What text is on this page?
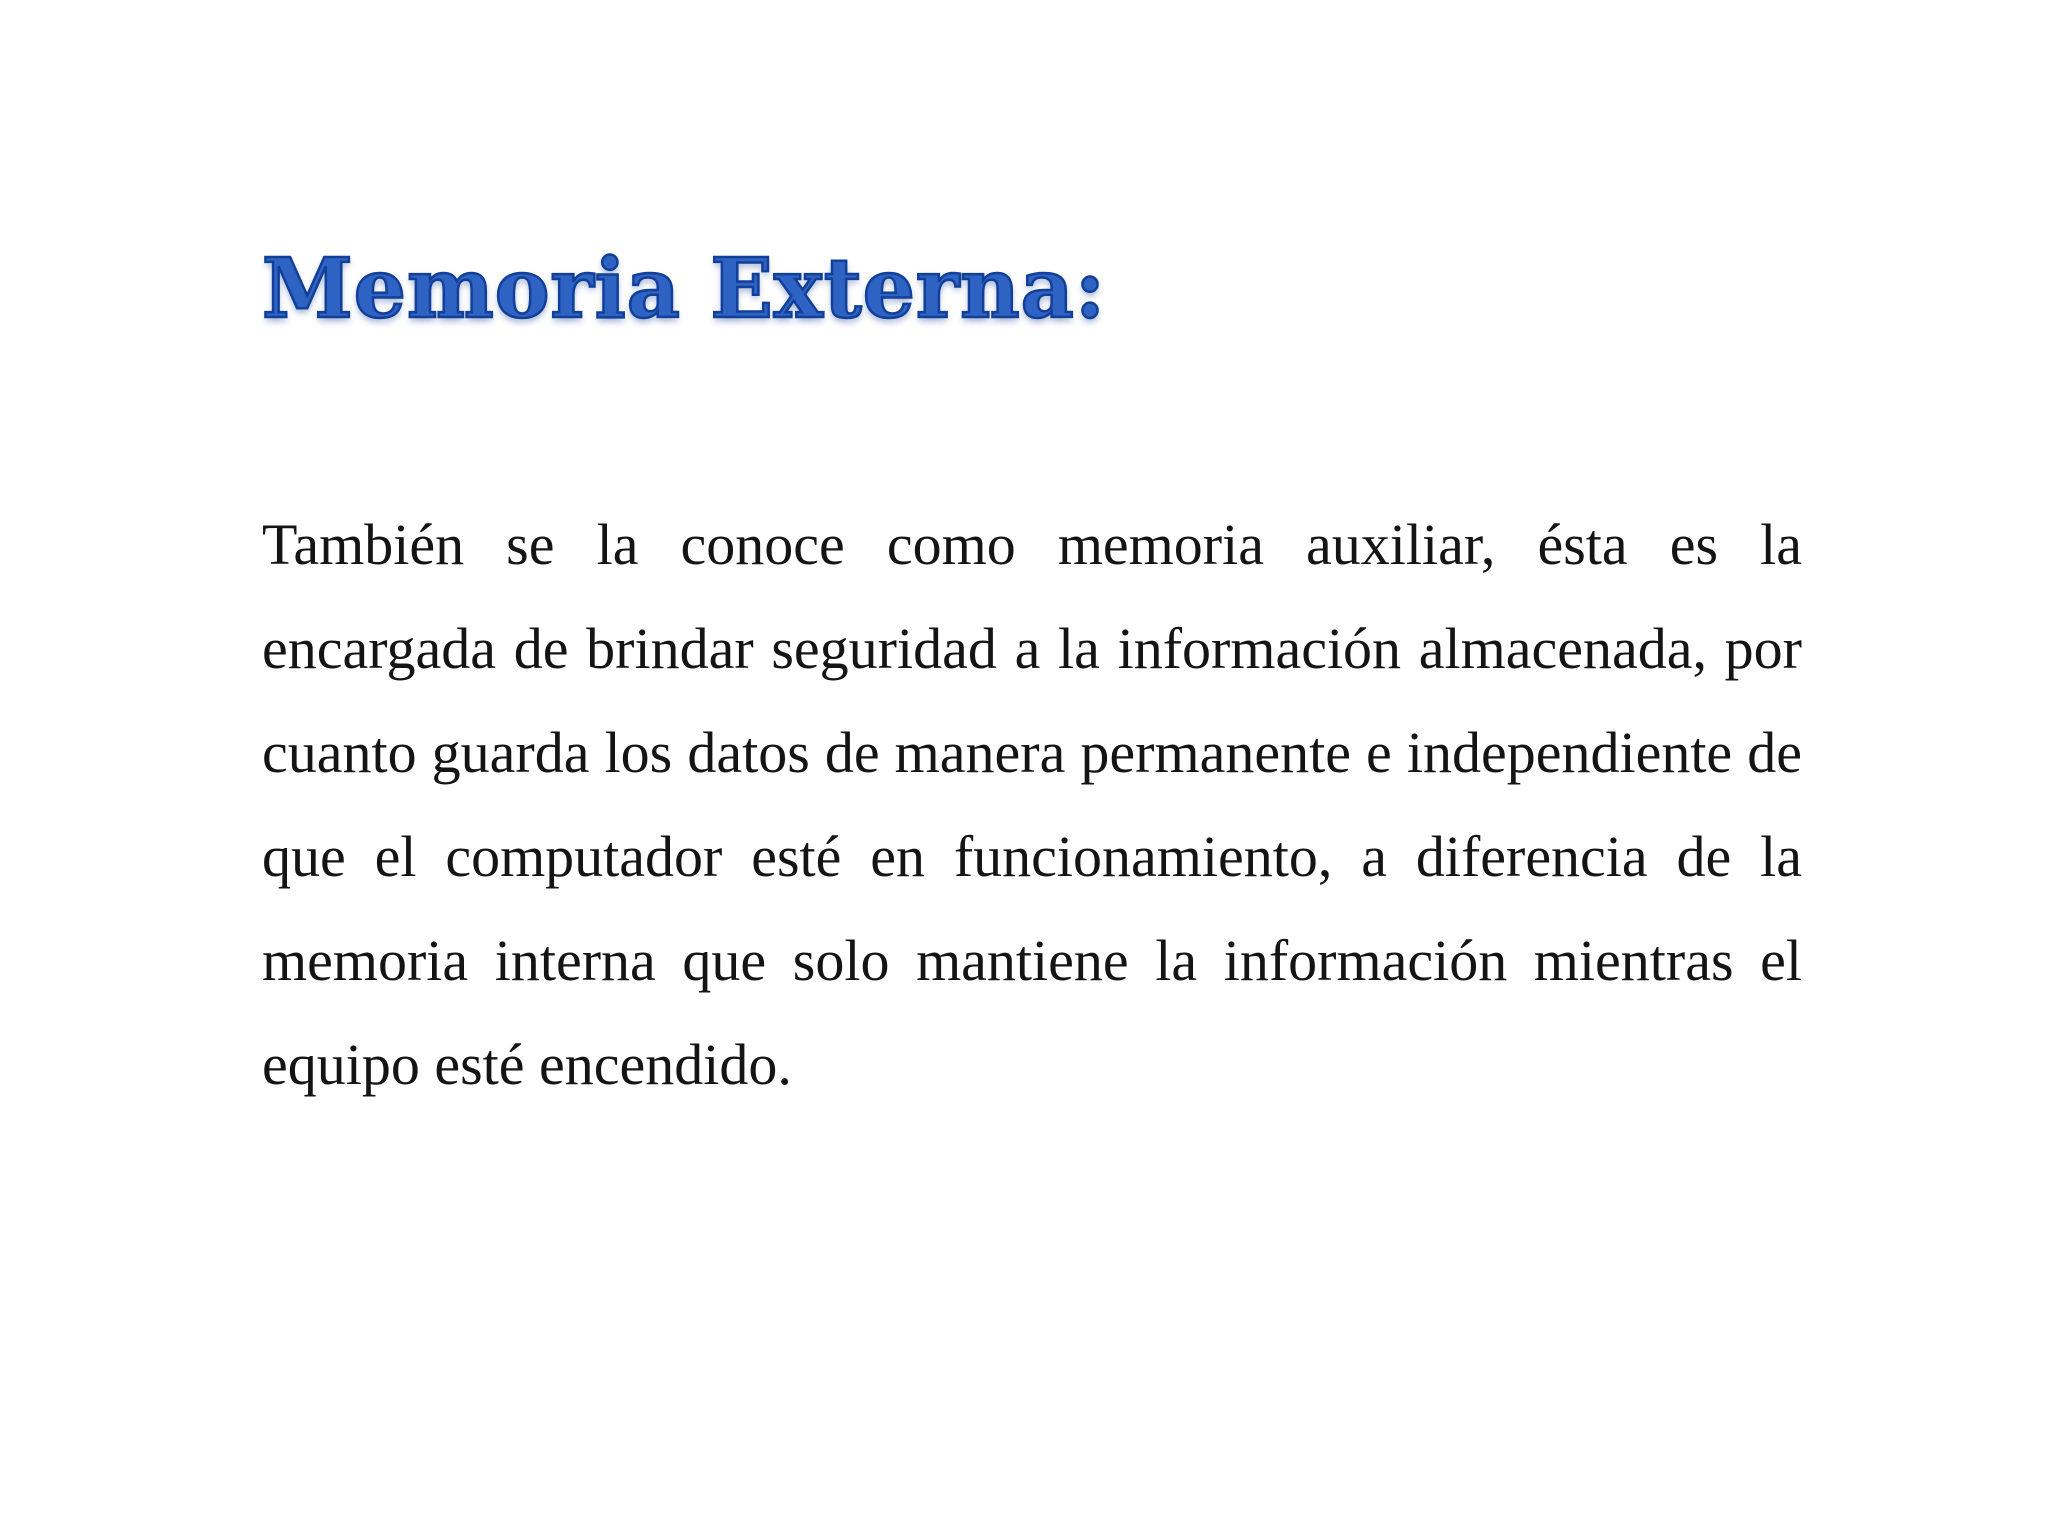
Memoria Externa:

También se la conoce como memoria auxiliar, ésta es la encargada de brindar seguridad a la información almacenada, por cuanto guarda los datos de manera permanente e independiente de que el computador esté en funcionamiento, a diferencia de la memoria interna que solo mantiene la información mientras el equipo esté encendido.
